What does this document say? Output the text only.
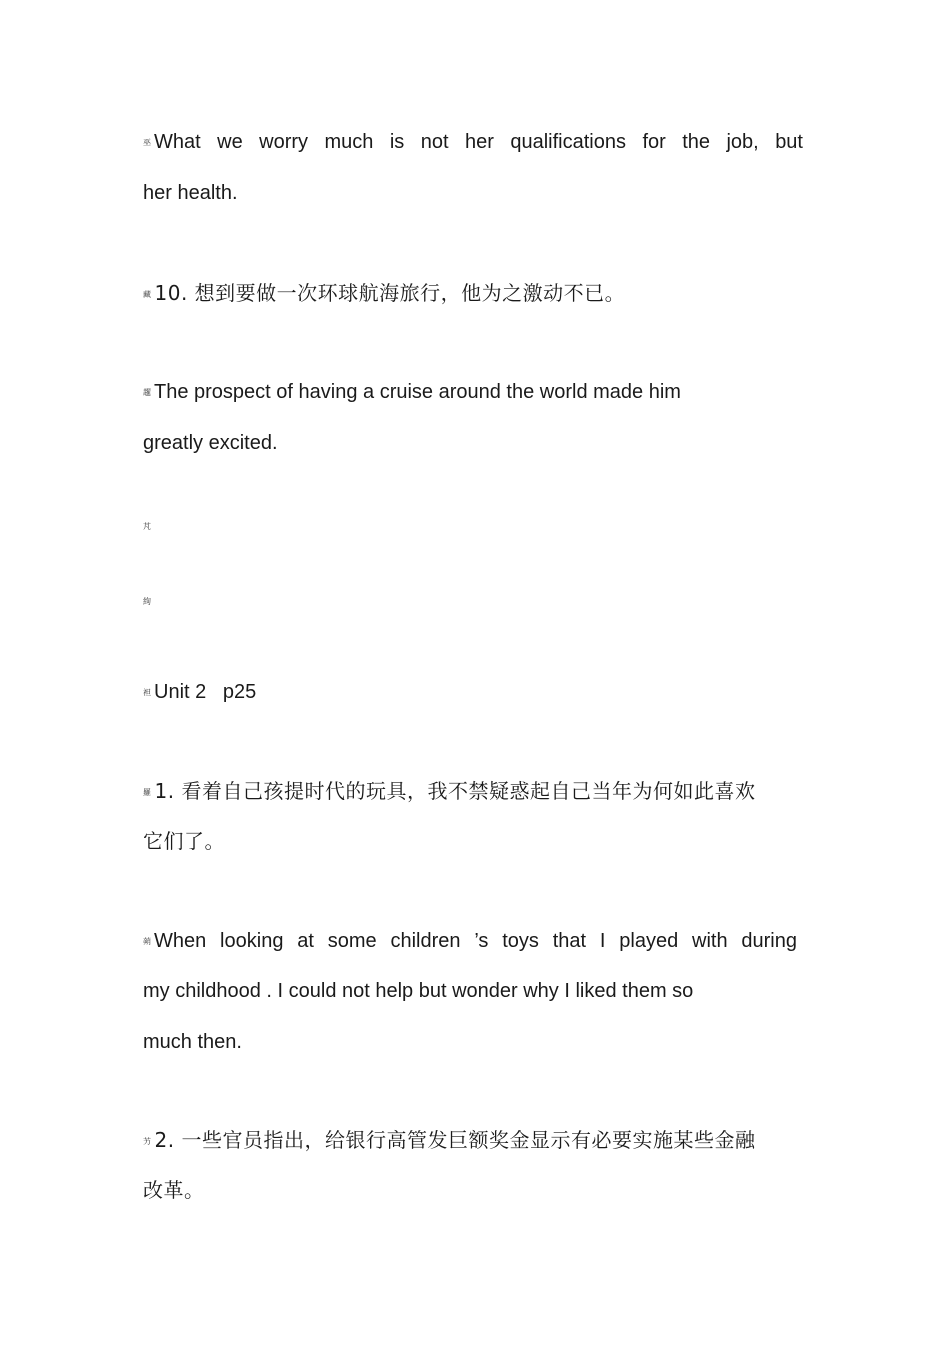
巫 What we worry much is not her qualifications for the job, but
her health.
藏 10. 想到要做一次环球航海旅行，他为之激动不已。
趯 The prospect of having a cruise around the world made him
greatly excited.
芃
絇
袒 Unit 2   p25
羅 1. 看着自己孩提时代的玩具，我不禁疑惑起自己当年为何如此喜欢
它们了。
蒴 When looking at some children ’s toys that I played with during
my childhood . I could not help but wonder why I liked them so
much then.
艻 2. 一些官员指出，给银行高管发巨额奖金显示有必要实施某些金融
改革。
